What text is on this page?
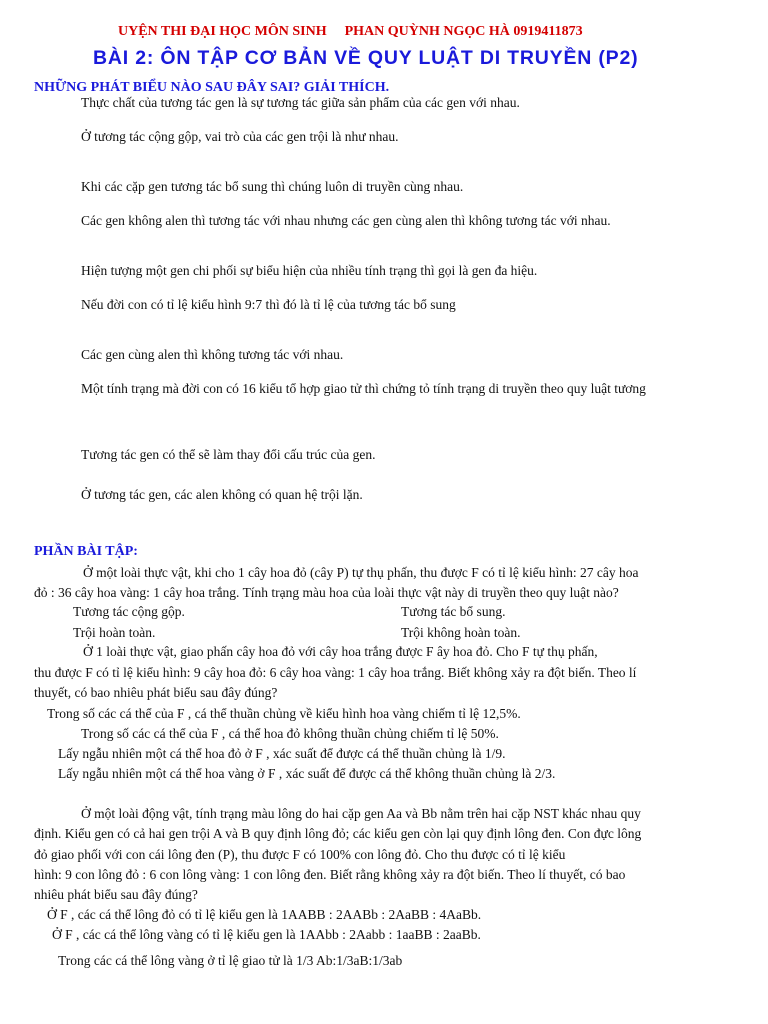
UYỆN THI ĐẠI HỌC MÔN SINH PHAN QUỲNH NGỌC HÀ 0919411873
BÀI 2: ÔN TẬP CƠ BẢN VỀ QUY LUẬT DI TRUYỀN (P2)
NHỮNG PHÁT BIỂU NÀO SAU ĐÂY SAI? GIẢI THÍCH.
Thực chất của tương tác gen là sự tương tác giữa sản phẩm của các gen với nhau.
Ở tương tác cộng gộp, vai trò của các gen trội là như nhau.
Khi các cặp gen tương tác bổ sung thì chúng luôn di truyền cùng nhau.
Các gen không alen thì tương tác với nhau nhưng các gen cùng alen thì không tương tác với nhau.
Hiện tượng một gen chi phối sự biểu hiện của nhiều tính trạng thì gọi là gen đa hiệu.
Nếu đời con có tỉ lệ kiểu hình 9:7 thì đó là tỉ lệ của tương tác bổ sung
Các gen cùng alen thì không tương tác với nhau.
Một tính trạng mà đời con có 16 kiểu tổ hợp giao tử thì chứng tỏ tính trạng di truyền theo quy luật tương
Tương tác gen có thể sẽ làm thay đổi cấu trúc của gen.
Ở tương tác gen, các alen không có quan hệ trội lặn.
PHẦN BÀI TẬP:
Ở một loài thực vật, khi cho 1 cây hoa đỏ (cây P) tự thụ phấn, thu được F có tỉ lệ kiểu hình: 27 cây hoa
đỏ : 36 cây hoa vàng: 1 cây hoa trắng. Tính trạng màu hoa của loài thực vật này di truyền theo quy luật nào?
Tương tác cộng gộp.	Tương tác bổ sung.
Trội hoàn toàn.	Trội không hoàn toàn.
Ở 1 loài thực vật, giao phấn cây hoa đỏ với cây hoa trắng được F ây hoa đỏ. Cho F tự thụ phấn,
thu được F có tỉ lệ kiểu hình: 9 cây hoa đỏ: 6 cây hoa vàng: 1 cây hoa trắng. Biết không xảy ra đột biến. Theo lí
thuyết, có bao nhiêu phát biểu sau đây đúng?
Trong số các cá thể của F , cá thể thuần chủng về kiểu hình hoa vàng chiếm tỉ lệ 12,5%.
Trong số các cá thể của F , cá thể hoa đỏ không thuần chủng chiếm tỉ lệ 50%.
Lấy ngẫu nhiên một cá thể hoa đỏ ở F , xác suất để được cá thể thuần chủng là 1/9.
Lấy ngẫu nhiên một cá thể hoa vàng ở F , xác suất để được cá thể không thuần chủng là 2/3.
Ở một loài động vật, tính trạng màu lông do hai cặp gen Aa và Bb nằm trên hai cặp NST khác nhau quy
định. Kiểu gen có cả hai gen trội A và B quy định lông đỏ; các kiểu gen còn lại quy định lông đen. Con đực lông
đỏ giao phối với con cái lông đen (P), thu được F có 100% con lông đỏ. Cho thu được có tỉ lệ kiểu
hình: 9 con lông đỏ : 6 con lông vàng: 1 con lông đen. Biết rằng không xảy ra đột biến. Theo lí thuyết, có bao
nhiêu phát biểu sau đây đúng?
Ở F , các cá thể lông đỏ có tỉ lệ kiểu gen là 1AABB : 2AABb : 2AaBB : 4AaBb.
Ở F , các cá thể lông vàng có tỉ lệ kiểu gen là 1AAbb : 2Aabb : 1aaBB : 2aaBb.
Trong các cá thể lông vàng ở tỉ lệ giao tử là 1/3 Ab:1/3aB:1/3ab
